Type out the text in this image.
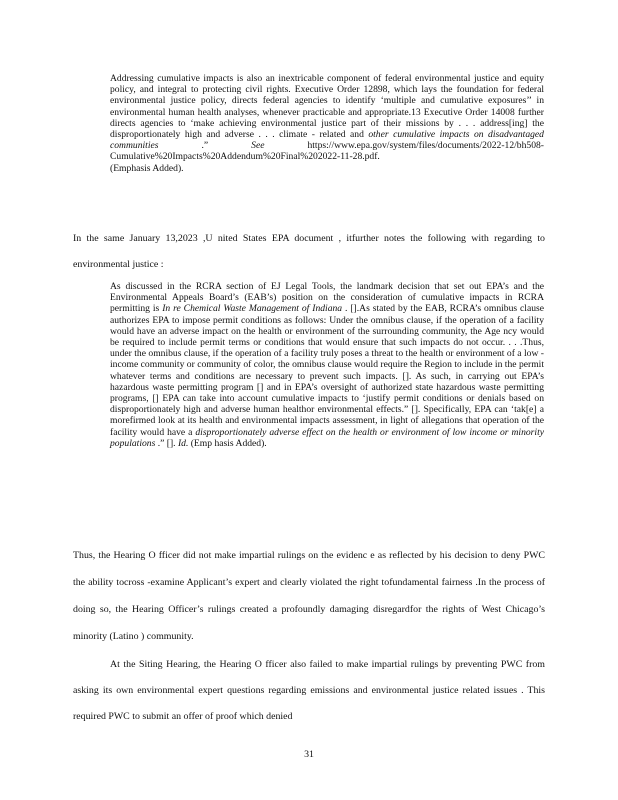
Addressing cumulative impacts is also an inextricable component of federal environmental justice and equity policy, and integral to protecting civil rights. Executive Order 12898, which lays the foundation for federal environmental justice policy, directs federal agencies to identify ‘multiple and cumulative exposures’’ in environmental human health analyses, whenever practicable and appropriate.13 Executive Order 14008 further directs agencies to ‘make achieving environmental justice part of their missions by . . . address[ing] the disproportionately high and adverse . . . climate - related and other cumulative impacts on disadvantaged communities .” See https://www.epa.gov/system/files/documents/2022-12/bh508-Cumulative%20Impacts%20Addendum%20Final%202022-11-28.pdf.
(Emphasis Added).
In the same January 13,2023 ,U nited States EPA document , itfurther notes the following with regarding to environmental justice :
As discussed in the RCRA section of EJ Legal Tools, the landmark decision that set out EPA’s and the Environmental Appeals Board’s (EAB’s) position on the consideration of cumulative impacts in RCRA permitting is In re Chemical Waste Management of Indiana . [].As stated by the EAB, RCRA’s omnibus clause authorizes EPA to impose permit conditions as follows: Under the omnibus clause, if the operation of a facility would have an adverse impact on the health or environment of the surrounding community, the Age ncy would be required to include permit terms or conditions that would ensure that such impacts do not occur. . . .Thus, under the omnibus clause, if the operation of a facility truly poses a threat to the health or environment of a low -income community or community of color, the omnibus clause would require the Region to include in the permit whatever terms and conditions are necessary to prevent such impacts. []. As such, in carrying out EPA’s hazardous waste permitting program [] and in EPA’s oversight of authorized state hazardous waste permitting programs, [] EPA can take into account cumulative impacts to ‘justify permit conditions or denials based on disproportionately high and adverse human healthor environmental effects.” []. Specifically, EPA can ‘tak[e] a morefirmed look at its health and environmental impacts assessment, in light of allegations that operation of the facility would have a disproportionately adverse effect on the health or environment of low income or minority populations .” []. Id. (Emp hasis Added).
Thus, the Hearing O fficer did not make impartial rulings on the evidenc e as reflected by his decision to deny PWC the ability tocross -examine Applicant’s expert and clearly violated the right tofundamental fairness .In the process of doing so, the Hearing Officer’s rulings created a profoundly damaging disregardfor the rights of West Chicago’s minority (Latino ) community.
At the Siting Hearing, the Hearing O fficer also failed to make impartial rulings by preventing PWC from asking its own environmental expert questions regarding emissions and environmental justice related issues . This required PWC to submit an offer of proof which denied
31
